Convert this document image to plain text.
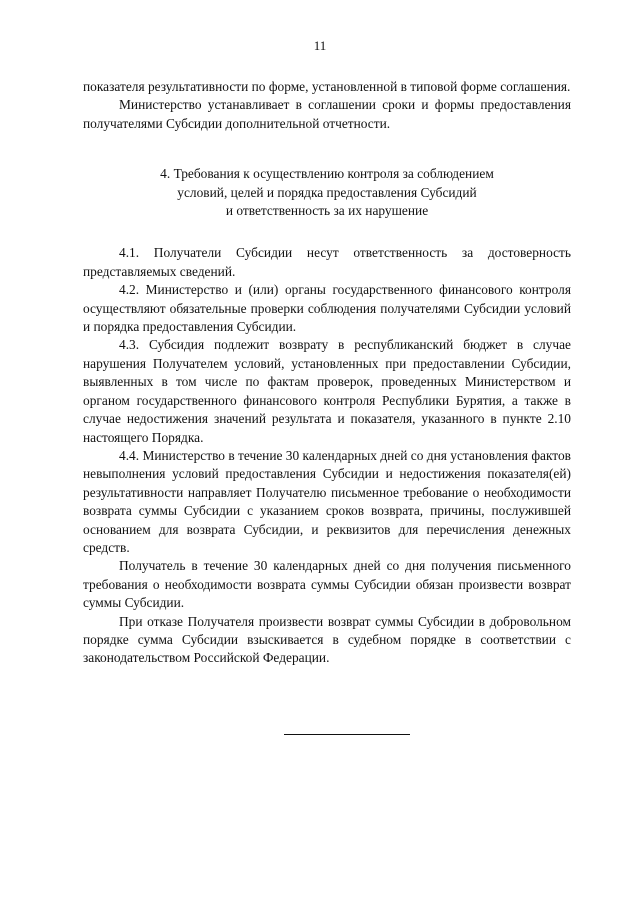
11

показателя результативности по форме, установленной в типовой форме соглашения.

Министерство устанавливает в соглашении сроки и формы предоставления получателями Субсидии дополнительной отчетности.

4. Требования к осуществлению контроля за соблюдением
условий, целей и порядка предоставления Субсидий
и ответственность за их нарушение

4.1. Получатели Субсидии несут ответственность за достоверность представляемых сведений.

4.2. Министерство и (или) органы государственного финансового контроля осуществляют обязательные проверки соблюдения получателями Субсидии условий и порядка предоставления Субсидии.

4.3. Субсидия подлежит возврату в республиканский бюджет в случае нарушения Получателем условий, установленных при предоставлении Субсидии, выявленных в том числе по фактам проверок, проведенных Министерством и органом государственного финансового контроля Республики Бурятия, а также в случае недостижения значений результата и показателя, указанного в пункте 2.10 настоящего Порядка.

4.4. Министерство в течение 30 календарных дней со дня установления фактов невыполнения условий предоставления Субсидии и недостижения показателя(ей) результативности направляет Получателю письменное требование о необходимости возврата суммы Субсидии с указанием сроков возврата, причины, послужившей основанием для возврата Субсидии, и реквизитов для перечисления денежных средств.

Получатель в течение 30 календарных дней со дня получения письменного требования о необходимости возврата суммы Субсидии обязан произвести возврат суммы Субсидии.

При отказе Получателя произвести возврат суммы Субсидии в добровольном порядке сумма Субсидии взыскивается в судебном порядке в соответствии с законодательством Российской Федерации.
